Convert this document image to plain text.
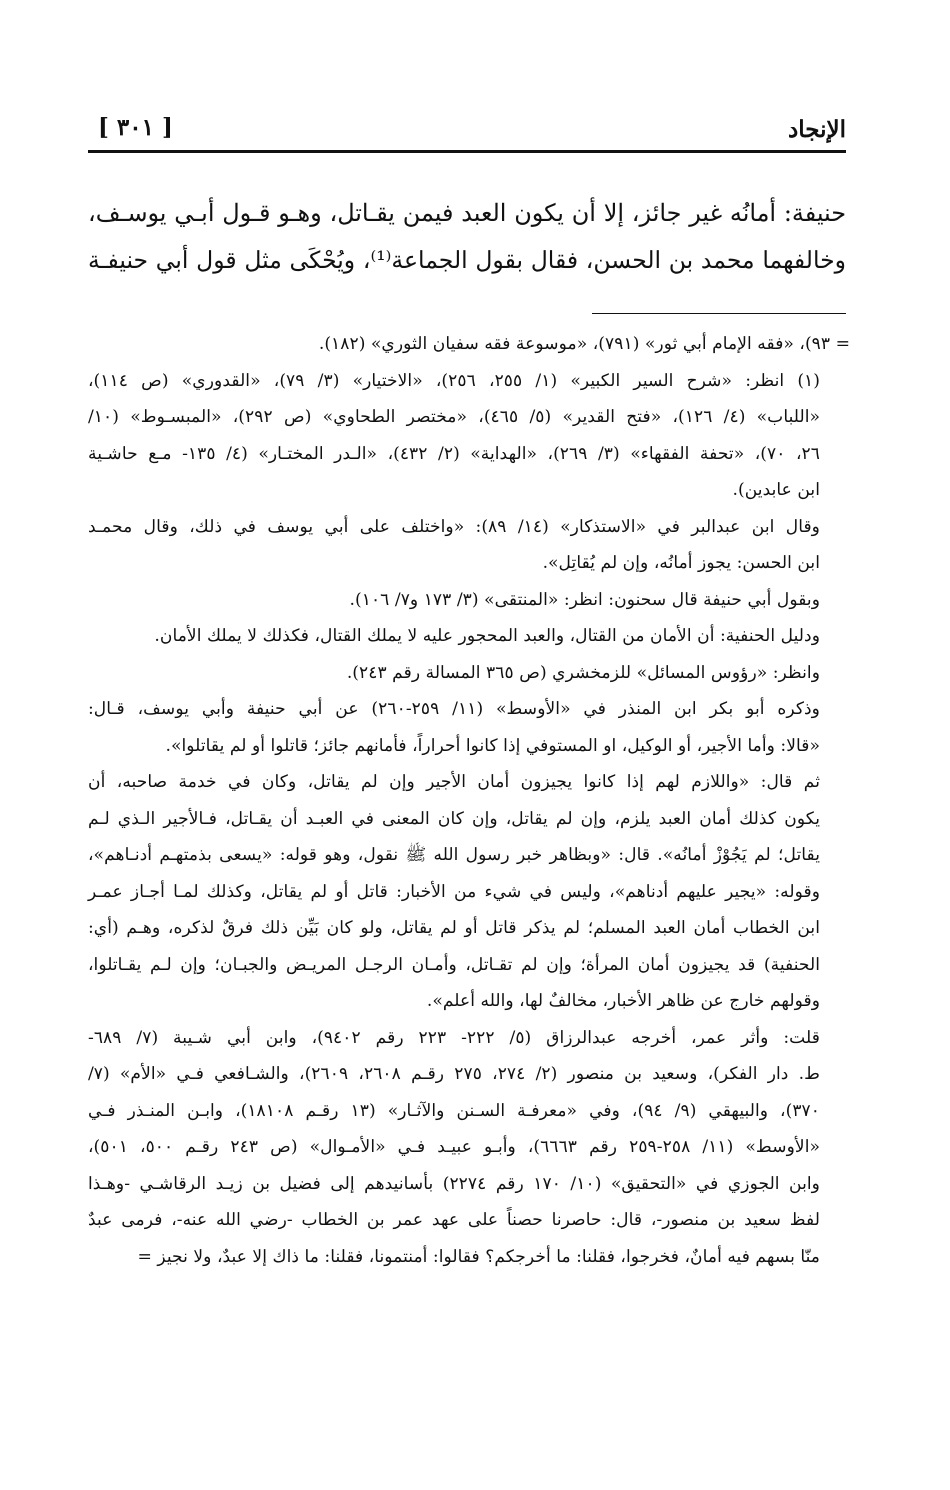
الإنجاد
[ ٣٠١ ]
حنيفة: أمانُه غير جائز، إلا أن يكون العبد فيمن يقـاتل، وهـو قـول أبـي يوسـف،
وخالفهما محمد بن الحسن، فقال بقول الجماعة⁽¹⁾، ويُحْكَى مثل قول أبي حنيفـة
= ٩٣)، «فقه الإمام أبي ثور» (٧٩١)، «موسوعة فقه سفيان الثوري» (١٨٢).
(١) انظر: «شرح السير الكبير» (١/ ٢٥٥، ٢٥٦)، «الاختيار» (٣/ ٧٩)، «القدوري» (ص ١١٤)،
«اللباب» (٤/ ١٢٦)، «فتح القدير» (٥/ ٤٦٥)، «مختصر الطحاوي» (ص ٢٩٢)، «المبسـوط» (١٠/
٢٦، ٧٠)، «تحفة الفقهاء» (٣/ ٢٦٩)، «الهداية» (٢/ ٤٣٢)، «الـدر المختـار» (٤/ ١٣٥- مـع حاشـية
ابن عابدين).
وقال ابن عبدالبر في «الاستذكار» (١٤/ ٨٩): «واختلف على أبي يوسف في ذلك، وقال محمـد
ابن الحسن: يجوز أمانُه، وإن لم يُقاتِل».
وبقول أبي حنيفة قال سحنون: انظر: «المنتقى» (٣/ ١٧٣ و٧/ ١٠٦).
ودليل الحنفية: أن الأمان من القتال، والعبد المحجور عليه لا يملك القتال، فكذلك لا يملك الأمان.
وانظر: «رؤوس المسائل» للزمخشري (ص ٣٦٥ المسالة رقم ٢٤٣).
وذكره أبو بكر ابن المنذر في «الأوسط» (١١/ ٢٥٩-٢٦٠) عن أبي حنيفة وأبي يوسف، قـال:
«قالا: وأما الأجير، أو الوكيل، او المستوفي إذا كانوا أحراراً، فأمانهم جائز؛ قاتلوا أو لم يقاتلوا».
ثم قال: «واللازم لهم إذا كانوا يجيزون أمان الأجير وإن لم يقاتل، وكان في خدمة صاحبه، أن
يكون كذلك أمان العبد يلزم، وإن لم يقاتل، وإن كان المعنى في العبـد أن يقـاتل، فـالأجير الـذي لـم
يقاتل؛ لم يَجُوْزْ أمانُه». قال: «وبظاهر خبر رسول الله ﷺ نقول، وهو قوله: «يسعى بذمتهـم أدنـاهم»،
وقوله: «يجير عليهم أدناهم»، وليس في شيء من الأخبار: قاتل أو لم يقاتل، وكذلك لمـا أجـاز عمـر
ابن الخطاب أمان العبد المسلم؛ لم يذكر قاتل أو لم يقاتل، ولو كان بَيِّن ذلك فرقٌ لذكره، وهـم (أي:
الحنفية) قد يجيزون أمان المرأة؛ وإن لم تقـاتل، وأمـان الرجـل المريـض والجبـان؛ وإن لـم يقـاتلوا،
وقولهم خارج عن ظاهر الأخبار، مخالفٌ لها، والله أعلم».
قلت: وأثر عمر، أخرجه عبدالرزاق (٥/ ٢٢٢- ٢٢٣ رقم ٩٤٠٢)، وابن أبي شـيبة (٧/ ٦٨٩-
ط. دار الفكر)، وسعيد بن منصور (٢/ ٢٧٤، ٢٧٥ رقـم ٢٦٠٨، ٢٦٠٩)، والشـافعي فـي «الأم» (٧/
٣٧٠)، والبيهقي (٩/ ٩٤)، وفي «معرفـة السـنن والآثـار» (١٣ رقـم ١٨١٠٨)، وابـن المنـذر فـي
«الأوسط» (١١/ ٢٥٨-٢٥٩ رقم ٦٦٦٣)، وأبـو عبيـد فـي «الأمـوال» (ص ٢٤٣ رقـم ٥٠٠، ٥٠١)،
وابن الجوزي في «التحقيق» (١٠/ ١٧٠ رقم ٢٢٧٤) بأسانيدهم إلى فضيل بن زيـد الرقاشـي -وهـذا
لفظ سعيد بن منصور-، قال: حاصرنا حصناً على عهد عمر بن الخطاب -رضي الله عنه-، فرمى عبدٌ
منّا بسهم فيه أمانٌ، فخرجوا، فقلنا: ما أخرجكم؟ فقالوا: أمنتمونا، فقلنا: ما ذاك إلا عبدٌ، ولا نجيز =
